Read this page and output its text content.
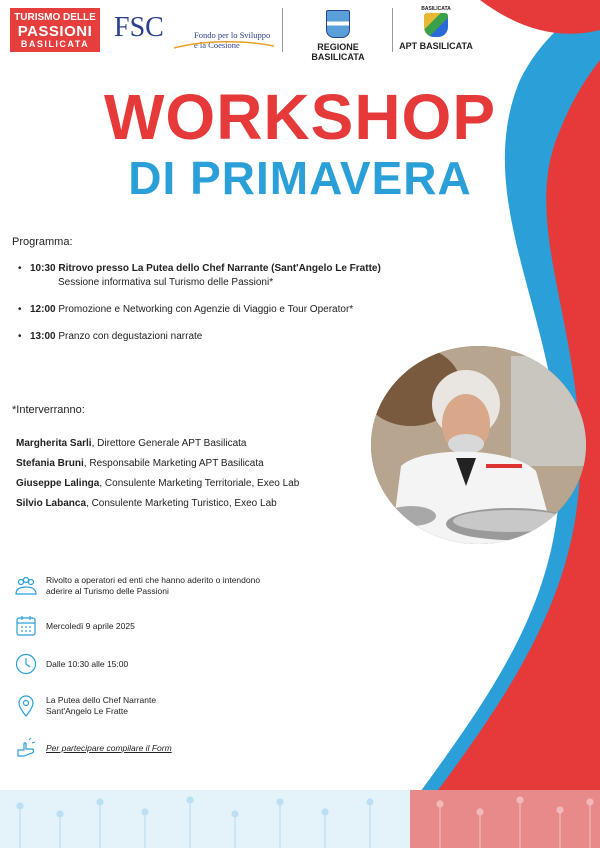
TURISMO DELLE
PASSIONI
BASILICATA
FSC	Fondo per lo Sviluppo
e la Coesione	REGIONE BASILICATA
BASILICATA
APT BASILICATA
WORKSHOP
DI PRIMAVERA
Programma:
• 10:30 Ritrovo presso La Putea dello Chef Narrante (Sant'Angelo Le Fratte)
Sessione informativa sul Turismo delle Passioni*
• 12:00 Promozione e Networking con Agenzie di Viaggio e Tour Operator*
• 13:00 Pranzo con degustazioni narrate
*Interverranno:
Margherita Sarli, Direttore Generale APT Basilicata
Stefania Bruni, Responsabile Marketing APT Basilicata
Giuseppe Lalinga, Consulente Marketing Territoriale, Exeo Lab
Silvio Labanca, Consulente Marketing Turistico, Exeo Lab
Rivolto a operatori ed enti che hanno aderito o intendono
aderire al Turismo delle Passioni
Mercoledì 9 aprile 2025
Dalle 10:30 alle 15:00
La Putea dello Chef Narrante
Sant'Angelo Le Fratte
Per partecipare compilare il Form
